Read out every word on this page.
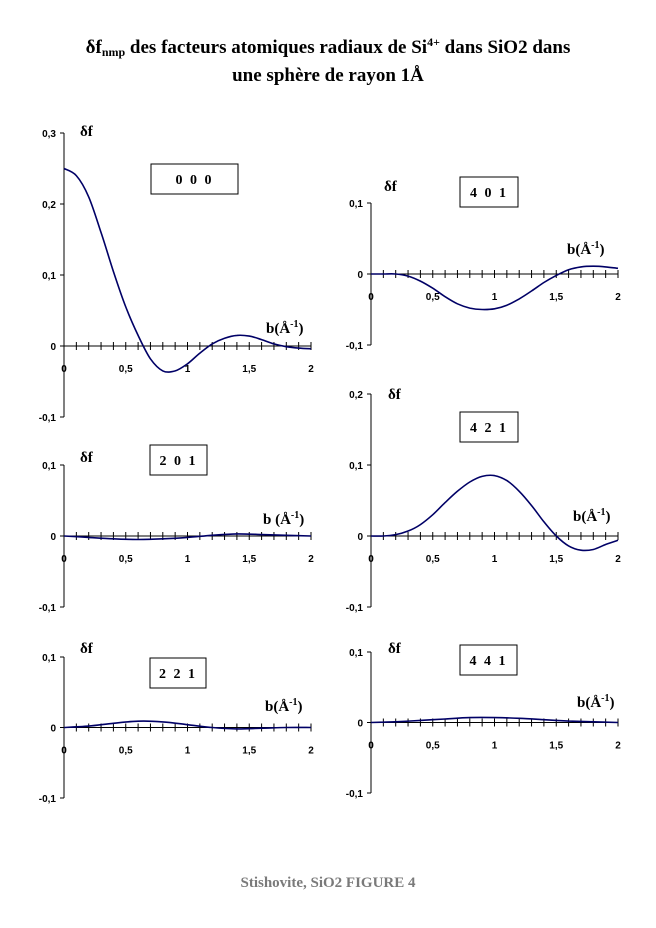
$\delta f_{nmp}$ des facteurs atomiques radiaux de $Si^{4+}$ dans SiO2 dans
une sphère de rayon 1Å
0,3
0,2
0,1
0
-0,1
0	0,5	1	1,5	2
δf
$b(Å^{-1})$
0 0 0
0,1
0
-0,1
0	0,5	1	1,5	2
δf
$b(Å^{-1})$
4 0 1
0,1
0
-0,1
0	0,5	1	1,5	2
δf
b $(Å^{-1})$
2 0 1
0,2
0,1
0
-0,1
0	0,5	1	1,5	2
δf
$b(Å^{-1})$
4 2 1
0,1
0
-0,1
0	0,5	1	1,5	2
δf
$b(Å^{-1})$
2 2 1
0,1
0
-0,1
0	0,5	1	1,5	2
δf
$b(Å^{-1})$
4 4 1
Stishovite, SiO2 FIGURE 4
